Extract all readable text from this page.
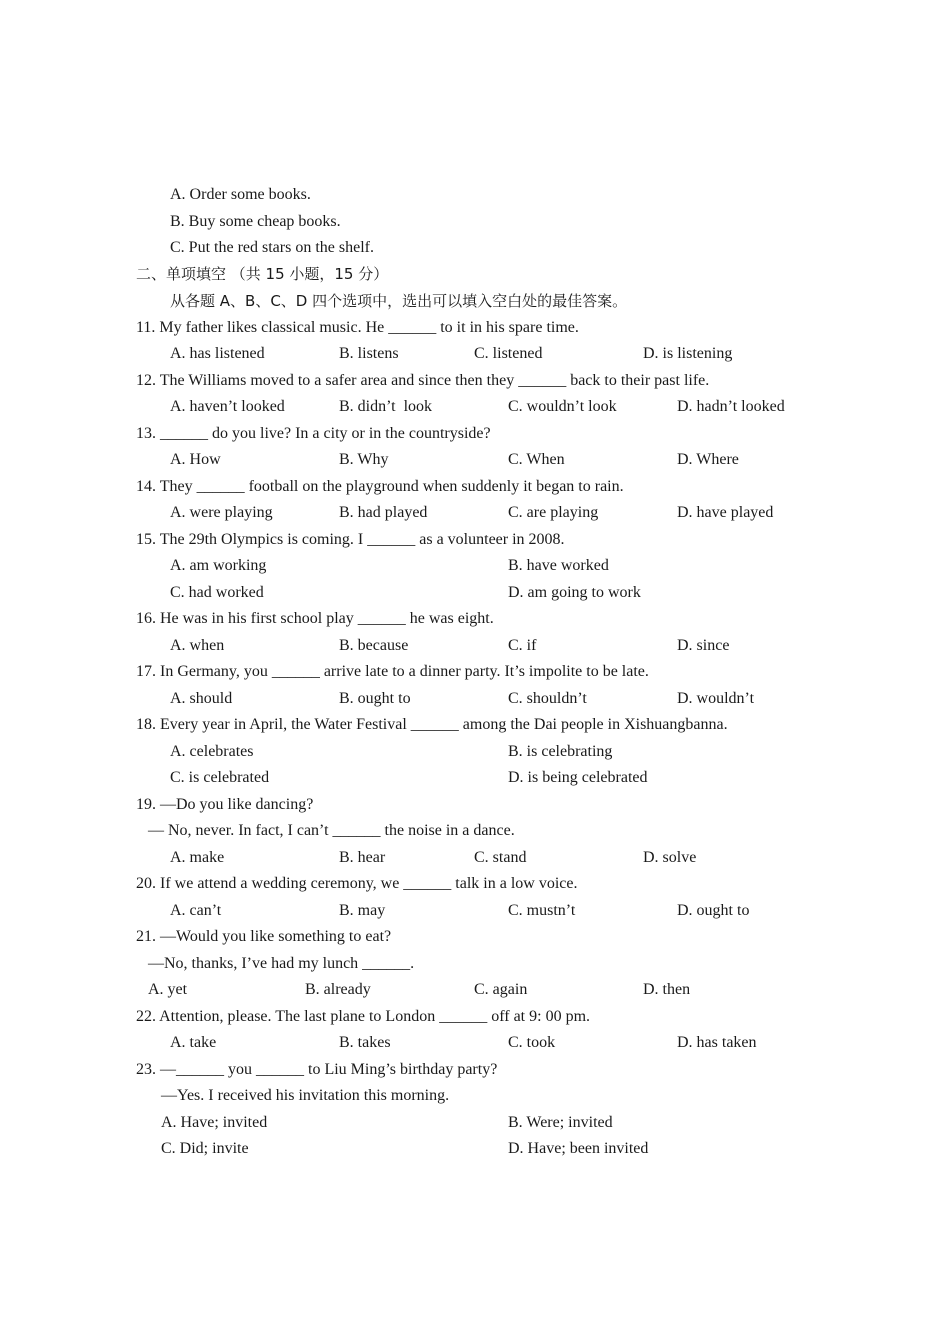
A. Order some books.
B. Buy some cheap books.
C. Put the red stars on the shelf.
二、单项填空 （共 15 小题，15 分）
从各题 A、B、C、D 四个选项中，选出可以填入空白处的最佳答案。
11. My father likes classical music. He ______ to it in his spare time.
A. has listened	B. listens	C. listened	D. is listening
12. The Williams moved to a safer area and since then they ______ back to their past life.
A. haven’t looked	B. didn’t  look	C. wouldn’t look	D. hadn’t looked
13. ______ do you live? In a city or in the countryside?
A. How	B. Why	C. When	D. Where
14. They ______ football on the playground when suddenly it began to rain.
A. were playing	B. had played	C. are playing	D. have played
15. The 29th Olympics is coming. I ______ as a volunteer in 2008.
A. am working	B. have worked
C. had worked	D. am going to work
16. He was in his first school play ______ he was eight.
A. when	B. because	C. if	D. since
17. In Germany, you ______ arrive late to a dinner party. It’s impolite to be late.
A. should	B. ought to	C. shouldn’t	D. wouldn’t
18. Every year in April, the Water Festival ______ among the Dai people in Xishuangbanna.
A. celebrates	B. is celebrating
C. is celebrated	D. is being celebrated
19. —Do you like dancing?
— No, never. In fact, I can’t ______ the noise in a dance.
A. make	B. hear	C. stand	D. solve
20. If we attend a wedding ceremony, we ______ talk in a low voice.
A. can’t	B. may	C. mustn’t	D. ought to
21. —Would you like something to eat?
—No, thanks, I’ve had my lunch ______.
A. yet	B. already	C. again	D. then
22. Attention, please. The last plane to London ______ off at 9: 00 pm.
A. take	B. takes	C. took	D. has taken
23. —______ you ______ to Liu Ming’s birthday party?
—Yes. I received his invitation this morning.
A. Have; invited	B. Were; invited
C. Did; invite	D. Have; been invited
